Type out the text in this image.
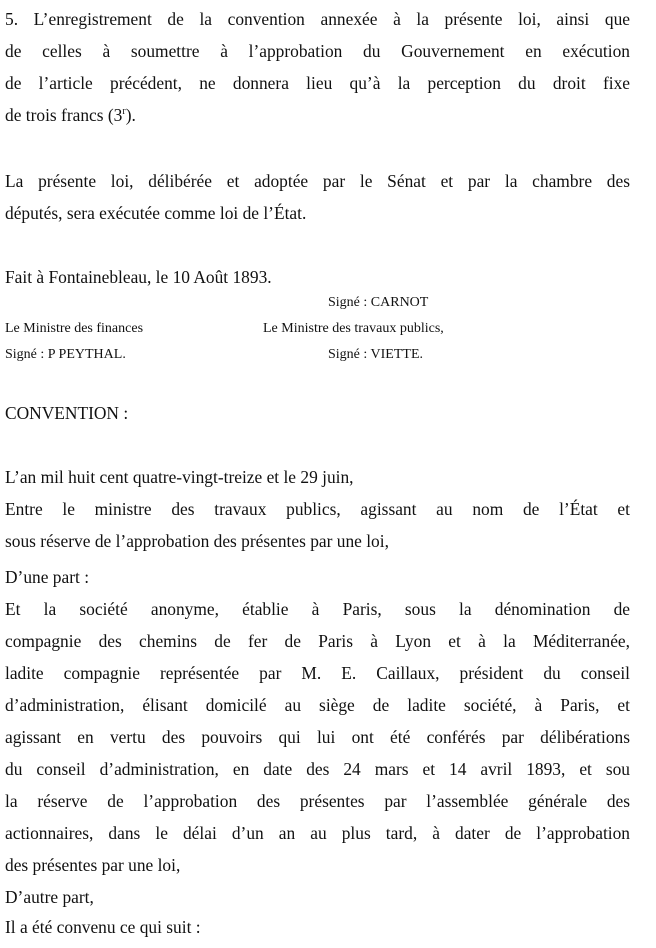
5. L’enregistrement de la convention annexée à la présente loi, ainsi que
de celles à soumettre à l’approbation du Gouvernement en exécution
de l’article précédent, ne donnera lieu qu’à la perception du droit fixe
de trois francs (3$^r$).
La présente loi, délibérée et adoptée par le Sénat et par la chambre des
députés, sera exécutée comme loi de l’État.
Fait à Fontainebleau, le 10 Août 1893.
Signé : CARNOT
Le Ministre des finances	Le Ministre des travaux publics,
Signé : P PEYTHAL.	Signé : VIETTE.
CONVENTION :
L’an mil huit cent quatre-vingt-treize et le 29 juin,
Entre le ministre des travaux publics, agissant au nom de l’État et
sous réserve de l’approbation des présentes par une loi,
D’une part :
Et la société anonyme, établie à Paris, sous la dénomination de
compagnie des chemins de fer de Paris à Lyon et à la Méditerranée,
ladite compagnie représentée par M. E. Caillaux, président du conseil
d’administration, élisant domicilé au siège de ladite société, à Paris, et
agissant en vertu des pouvoirs qui lui ont été conférés par délibérations
du conseil d’administration, en date des 24 mars et 14 avril 1893, et sou
la réserve de l’approbation des présentes par l’assemblée générale des
actionnaires, dans le délai d’un an au plus tard, à dater de l’approbation
des présentes par une loi,
D’autre part,
Il a été convenu ce qui suit :
